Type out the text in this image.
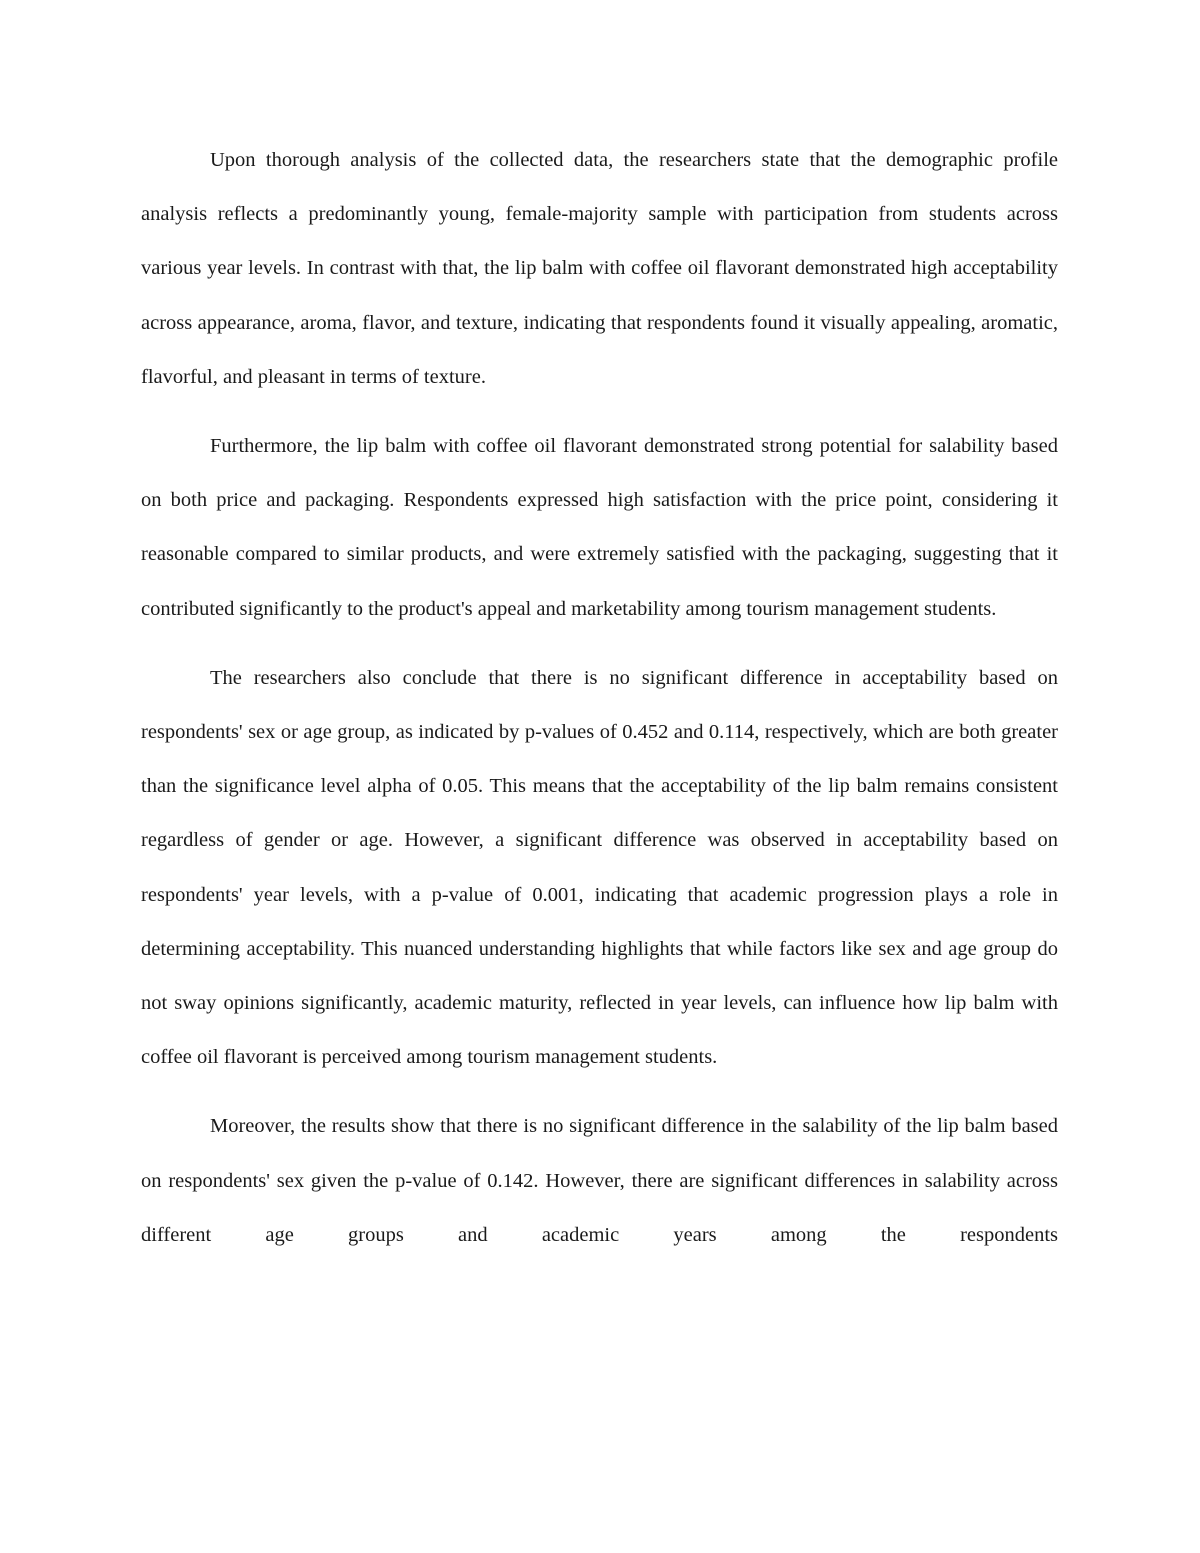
Upon thorough analysis of the collected data, the researchers state that the demographic profile analysis reflects a predominantly young, female-majority sample with participation from students across various year levels. In contrast with that, the lip balm with coffee oil flavorant demonstrated high acceptability across appearance, aroma, flavor, and texture, indicating that respondents found it visually appealing, aromatic, flavorful, and pleasant in terms of texture.

Furthermore, the lip balm with coffee oil flavorant demonstrated strong potential for salability based on both price and packaging. Respondents expressed high satisfaction with the price point, considering it reasonable compared to similar products, and were extremely satisfied with the packaging, suggesting that it contributed significantly to the product's appeal and marketability among tourism management students.

The researchers also conclude that there is no significant difference in acceptability based on respondents' sex or age group, as indicated by p-values of 0.452 and 0.114, respectively, which are both greater than the significance level alpha of 0.05. This means that the acceptability of the lip balm remains consistent regardless of gender or age. However, a significant difference was observed in acceptability based on respondents' year levels, with a p-value of 0.001, indicating that academic progression plays a role in determining acceptability. This nuanced understanding highlights that while factors like sex and age group do not sway opinions significantly, academic maturity, reflected in year levels, can influence how lip balm with coffee oil flavorant is perceived among tourism management students.

Moreover, the results show that there is no significant difference in the salability of the lip balm based on respondents' sex given the p-value of 0.142. However, there are significant differences in salability across different age groups and academic years among the respondents
